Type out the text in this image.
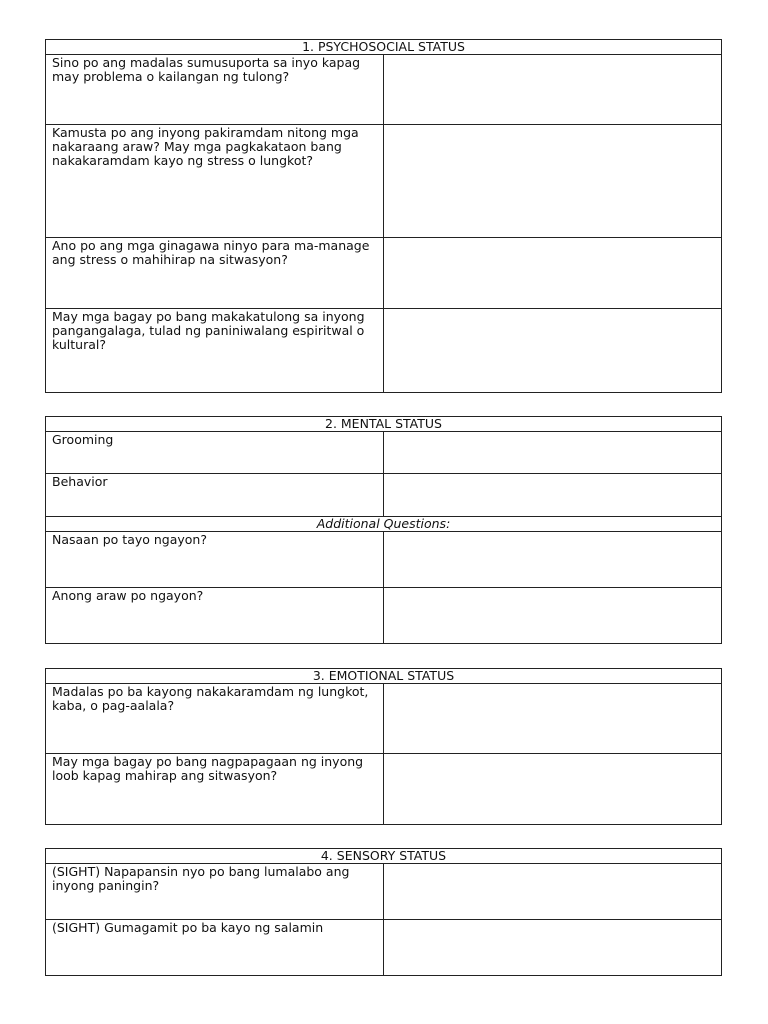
1. PSYCHOSOCIAL STATUS	
Sino po ang madalas sumusuporta sa inyo kapag may problema o kailangan ng tulong?	
Kamusta po ang inyong pakiramdam nitong mga nakaraang araw? May mga pagkakataon bang nakakaramdam kayo ng stress o lungkot?	
Ano po ang mga ginagawa ninyo para ma-manage ang stress o mahihirap na sitwasyon?	
May mga bagay po bang makakatulong sa inyong pangangalaga, tulad ng paniniwalang espiritwal o kultural?	
2. MENTAL STATUS	
Grooming	
Behavior	
Additional Questions:	
Nasaan po tayo ngayon?	
Anong araw po ngayon?	
3. EMOTIONAL STATUS	
Madalas po ba kayong nakakaramdam ng lungkot, kaba, o pag-aalala?	
May mga bagay po bang nagpapagaan ng inyong loob kapag mahirap ang sitwasyon?	
4. SENSORY STATUS	
(SIGHT) Napapansin nyo po bang lumalabo ang inyong paningin?	
(SIGHT) Gumagamit po ba kayo ng salamin	
